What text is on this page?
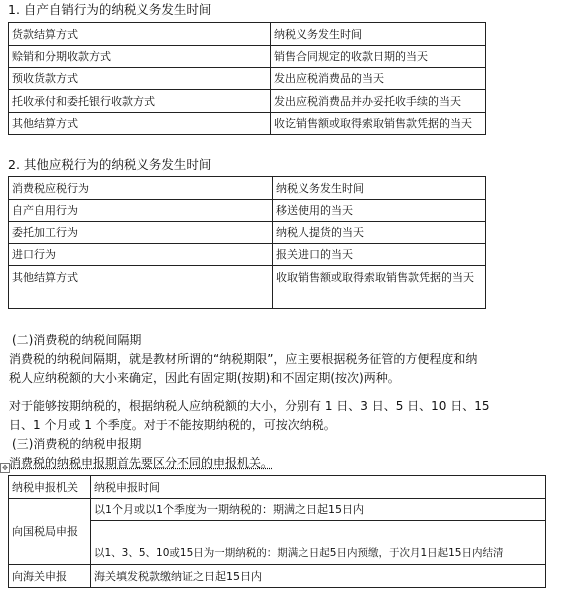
1. 自产自销行为的纳税义务发生时间
货款结算方式	纳税义务发生时间
赊销和分期收款方式	销售合同规定的收款日期的当天
预收货款方式	发出应税消费品的当天
托收承付和委托银行收款方式	发出应税消费品并办妥托收手续的当天
其他结算方式	收讫销售额或取得索取销售款凭据的当天
2. 其他应税行为的纳税义务发生时间
消费税应税行为	纳税义务发生时间
自产自用行为	移送使用的当天
委托加工行为	纳税人提货的当天
进口行为	报关进口的当天
其他结算方式	收取销售额或取得索取销售款凭据的当天
(二)消费税的纳税间隔期
消费税的纳税间隔期，就是教材所谓的“纳税期限”，应主要根据税务征管的方便程度和纳
税人应纳税额的大小来确定，因此有固定期(按期)和不固定期(按次)两种。
对于能够按期纳税的，根据纳税人应纳税额的大小，分别有 1 日、3 日、5 日、10 日、15
日、1 个月或 1 个季度。对于不能按期纳税的，可按次纳税。
(三)消费税的纳税申报期
消费税的纳税申报期首先要区分不同的申报机关。
✥
纳税申报机关	纳税申报时间
向国税局申报	以1个月或以1个季度为一期纳税的：期满之日起15日内
	以1、3、5、10或15日为一期纳税的：期满之日起5日内预缴，于次月1日起15日内结清
向海关申报	海关填发税款缴纳证之日起15日内
